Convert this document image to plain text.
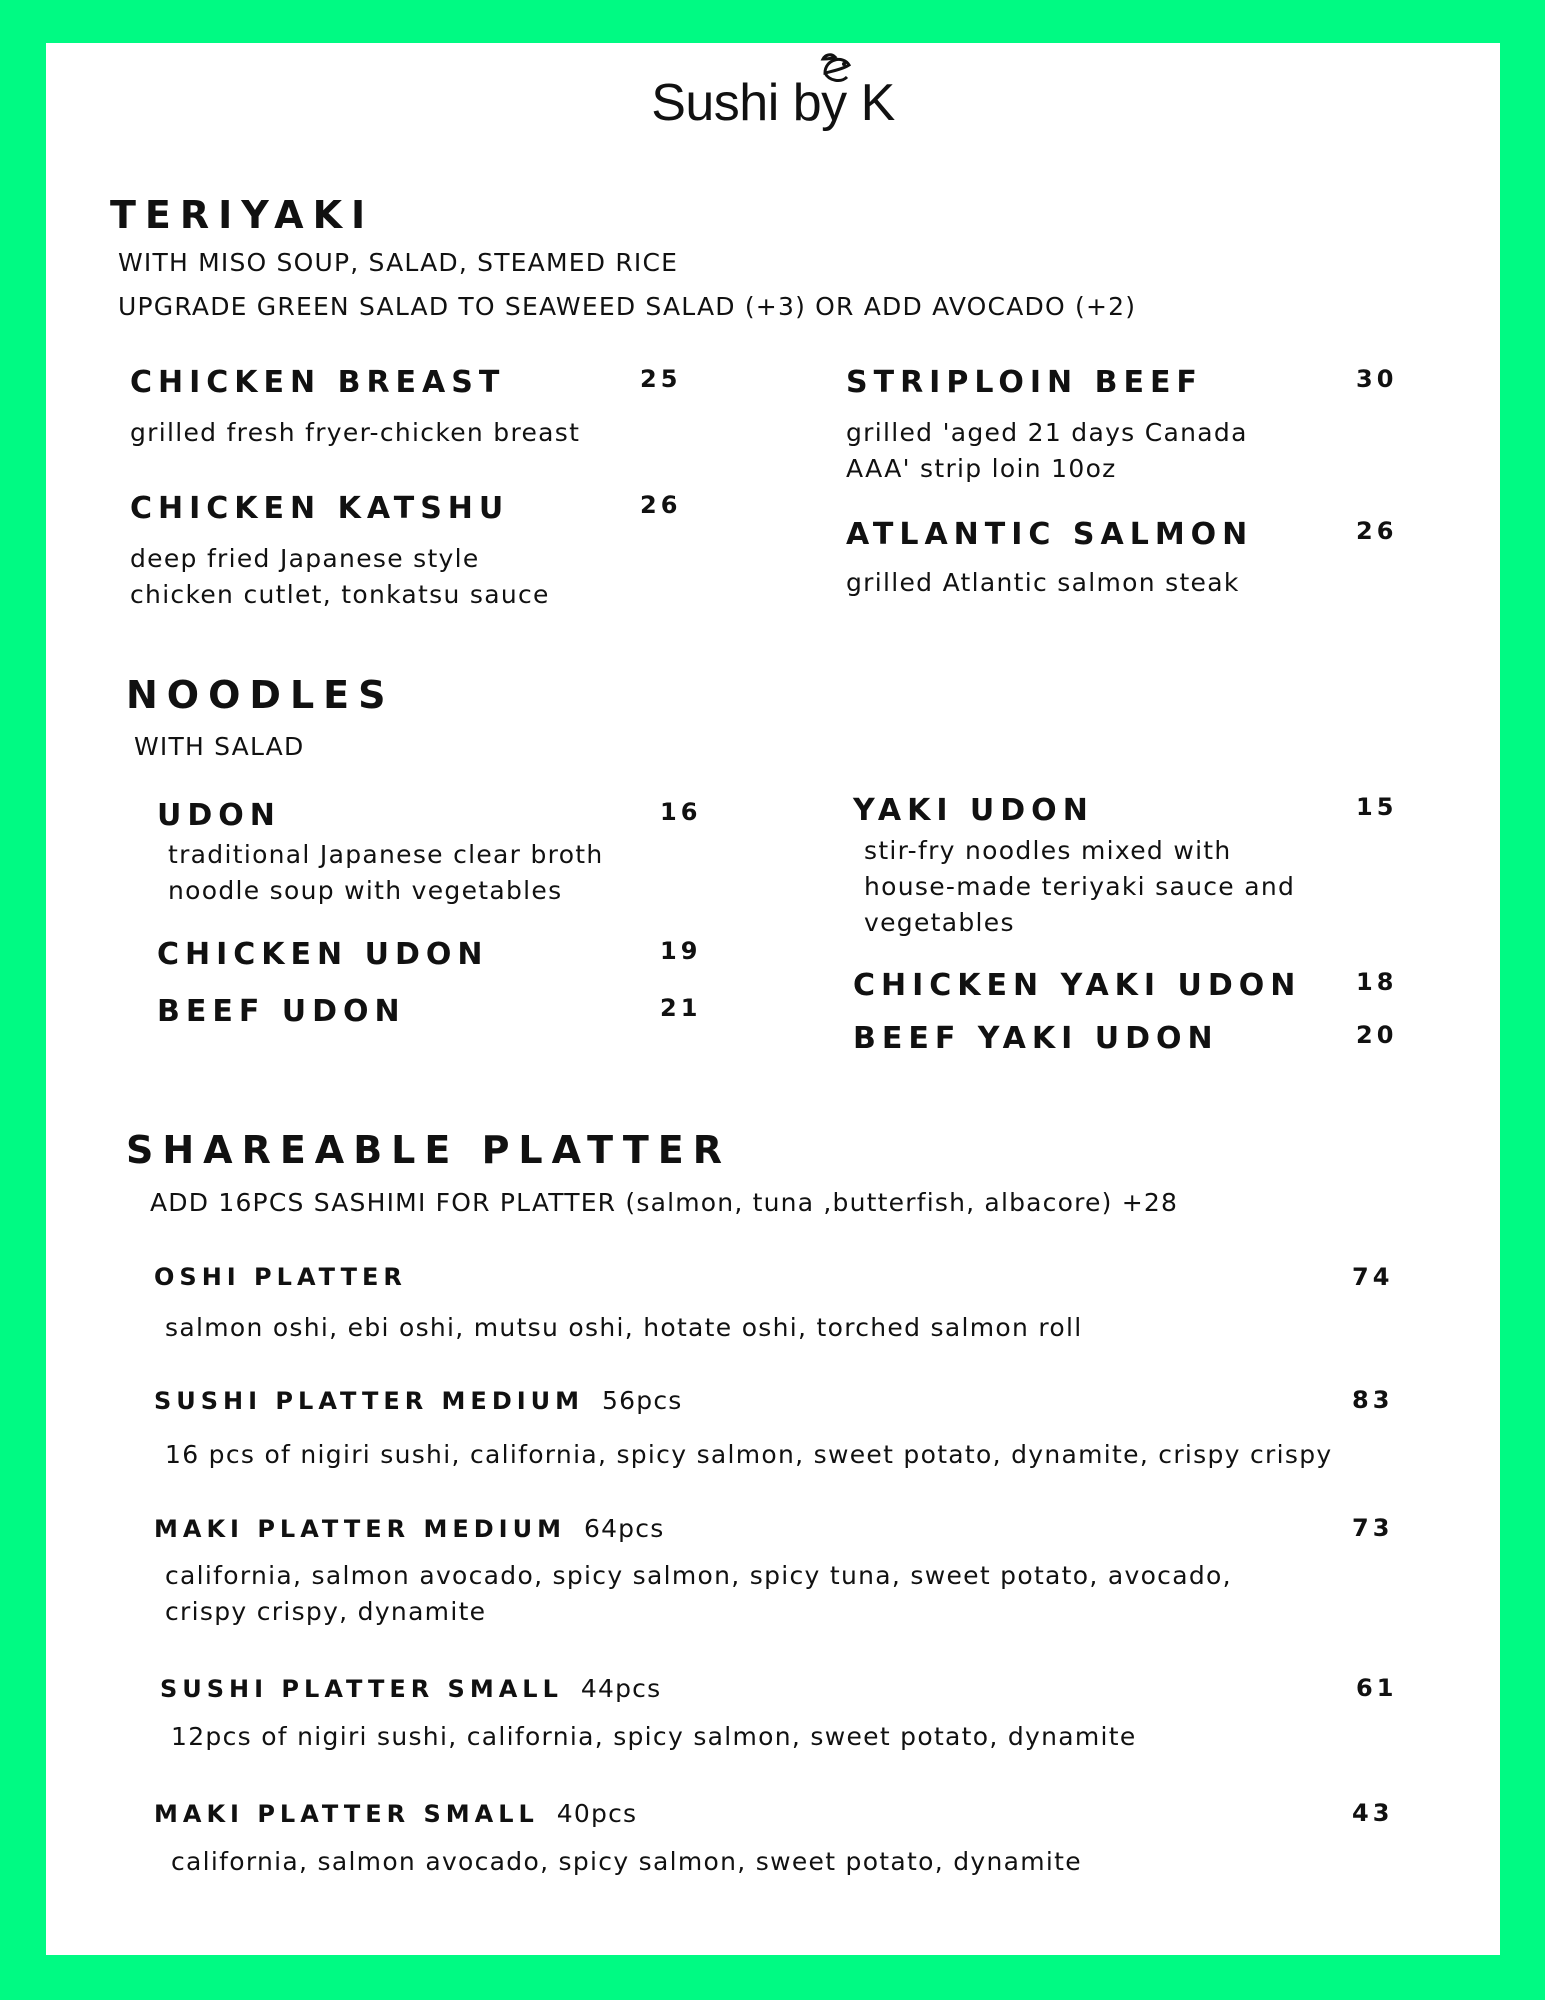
Sushi by K
TERIYAKI
WITH MISO SOUP, SALAD, STEAMED RICE
UPGRADE GREEN SALAD TO SEAWEED SALAD (+3) OR ADD AVOCADO (+2)
CHICKEN BREAST	25
grilled fresh fryer-chicken breast
CHICKEN KATSHU	26
deep fried Japanese style
chicken cutlet, tonkatsu sauce
STRIPLOIN BEEF	30
grilled 'aged 21 days Canada
AAA' strip loin 10oz
ATLANTIC SALMON	26
grilled Atlantic salmon steak
NOODLES
WITH SALAD
UDON	16
traditional Japanese clear broth
noodle soup with vegetables
CHICKEN UDON	19
BEEF UDON	21
YAKI UDON	15
stir-fry noodles mixed with
house-made teriyaki sauce and
vegetables
CHICKEN YAKI UDON 18
BEEF YAKI UDON	20
SHAREABLE PLATTER
ADD 16PCS SASHIMI FOR PLATTER (salmon, tuna ,butterfish, albacore) +28
OSHI PLATTER	74
salmon oshi, ebi oshi, mutsu oshi, hotate oshi, torched salmon roll
SUSHI PLATTER MEDIUM 56pcs	83
16 pcs of nigiri sushi, california, spicy salmon, sweet potato, dynamite, crispy crispy
MAKI PLATTER MEDIUM 64pcs	73
california, salmon avocado, spicy salmon, spicy tuna, sweet potato, avocado,
crispy crispy, dynamite
SUSHI PLATTER SMALL 44pcs	61
12pcs of nigiri sushi, california, spicy salmon, sweet potato, dynamite
MAKI PLATTER SMALL 40pcs	43
california, salmon avocado, spicy salmon, sweet potato, dynamite
